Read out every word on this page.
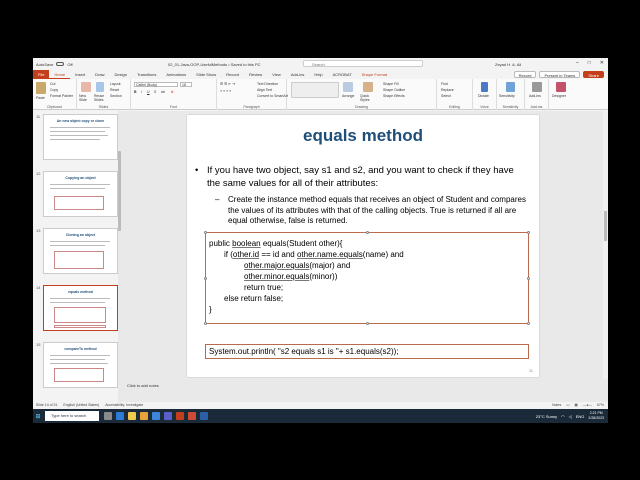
AutoSave	Off	02_01-Java-OOP-UsefulMethods • Saved to this PC	Search	Zeyad H. A. Ali	– □ ✕
File	Home	Insert	Draw	Design	Transitions	Animations	Slide Show	Record	Review	View	Add-ins	Help	ACROBAT	Shape Format	Record	Present in Teams	Share
Paste
Cut
Copy
Format Painter
Clipboard
New Slide
Reuse Slides
Layout
Reset
Section
Slides
Calibri (Body)	18
B I U S ab A
Font
☰ ☰ ⇤ ⇥
≡ ≡ ≡ ≡
Text Direction
Align Text
Convert to SmartArt
Paragraph
Arrange Quick Styles
Shape Fill
Shape Outline
Shape Effects
Drawing
Find
Replace
Select
Editing
Dictate
Voice
Sensitivity
Sensitivity
Add-ins
Add-ins
Designer
11
An new object copy or clone
12
Copying an object
13
Cloning an object
14
equals method
15
compareTo method
equals method
• If you have two object, say s1 and s2, and you want to check if they have the same values for all of their attributes:
– Create the instance method equals that receives an object of Student and compares the values of its attributes with that of the calling objects. True is returned if all are equal otherwise, false is returned.
public boolean equals(Student other){
if (other.id == id and other.name.equals(name) and
other.major.equals(major) and
other.minor.equals(minor))
return true;
else return false;
}
System.out.println( "s2 equals s1 is "+ s1.equals(s2));
11
Click to add notes
Slide 14 of 31 English (United States) Accessibility: Investigate	Notes ▭ ▦ —●— 67%
⊞	Type here to search	23°C Sunny ◠ ◁ ENG
2:21 PM
2/28/2023
